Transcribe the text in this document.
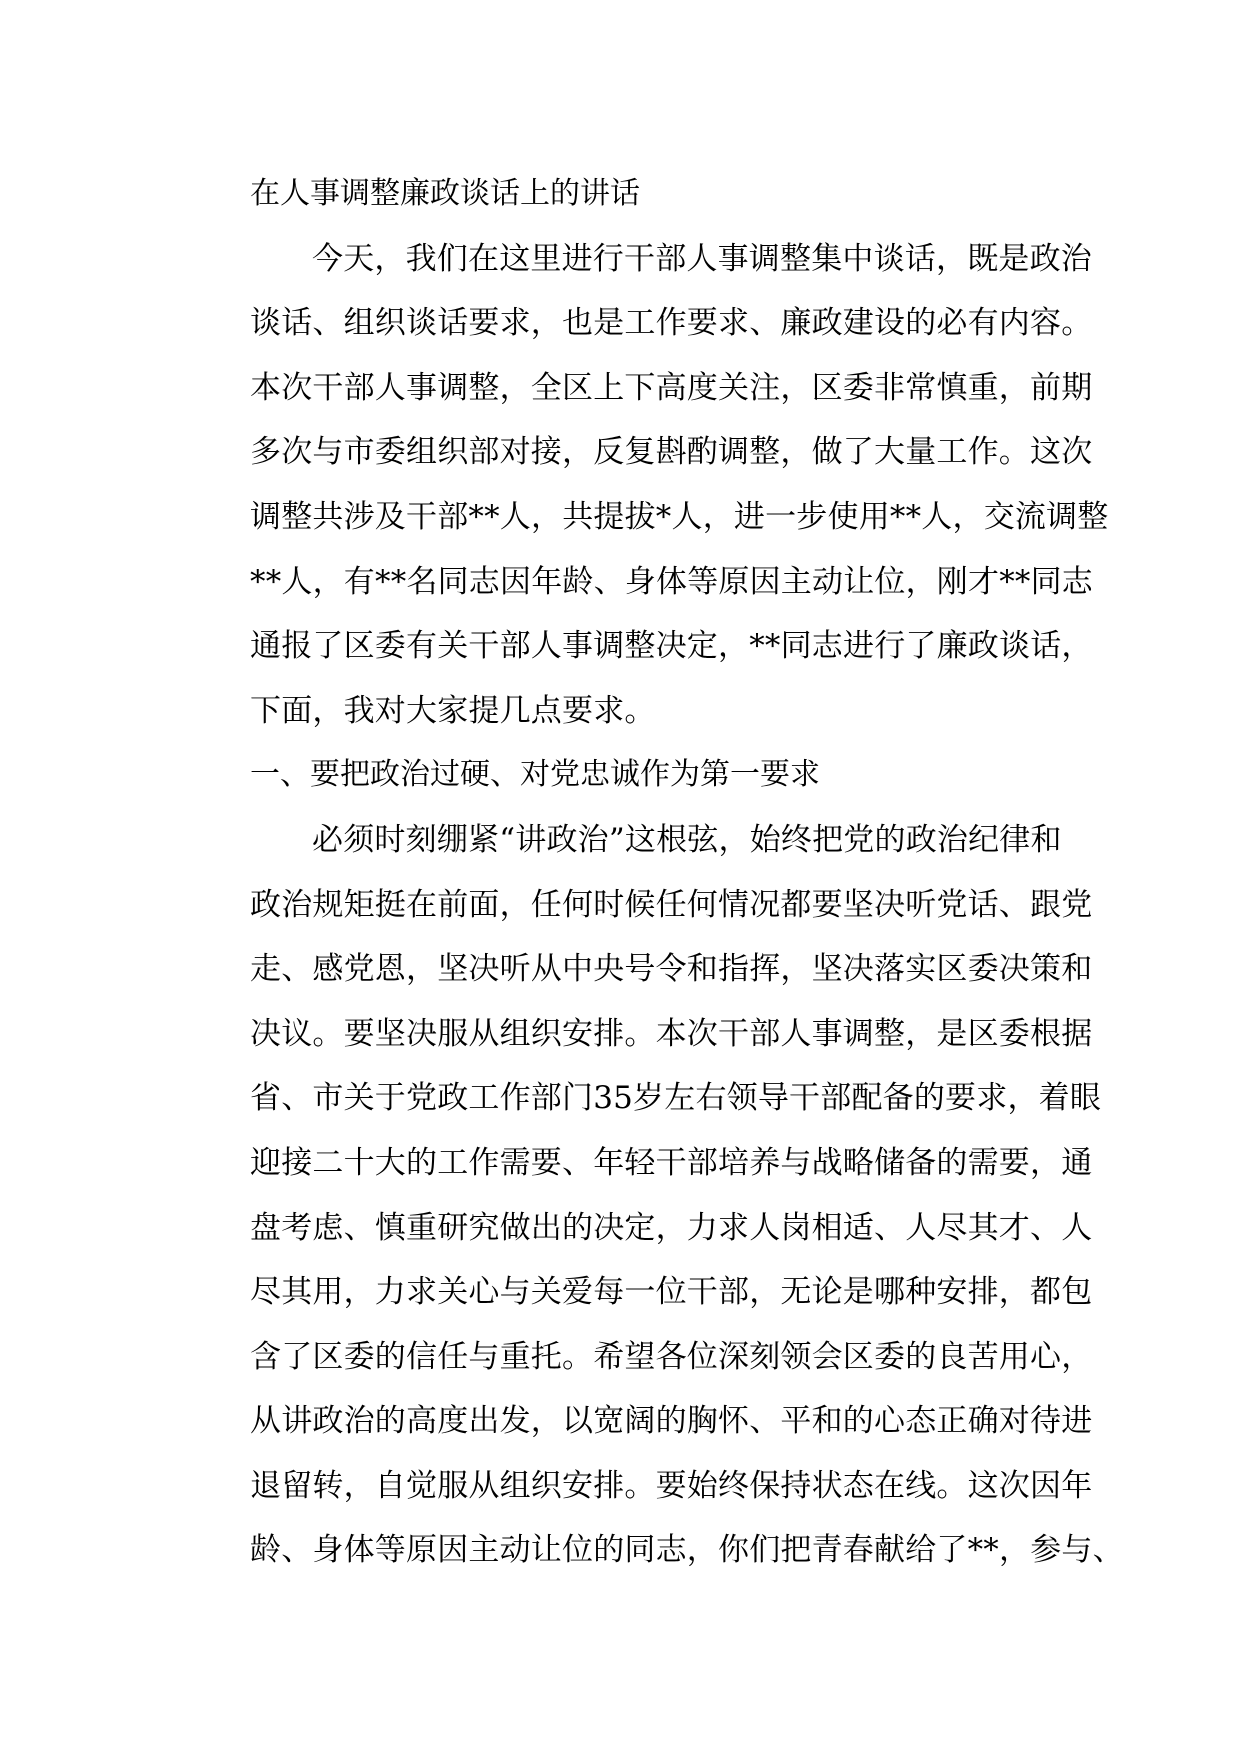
在人事调整廉政谈话上的讲话
今天，我们在这里进行干部人事调整集中谈话，既是政治
谈话、组织谈话要求，也是工作要求、廉政建设的必有内容。
本次干部人事调整，全区上下高度关注，区委非常慎重，前期
多次与市委组织部对接，反复斟酌调整，做了大量工作。这次
调整共涉及干部**人，共提拔*人，进一步使用**人，交流调整
**人，有**名同志因年龄、身体等原因主动让位，刚才**同志
通报了区委有关干部人事调整决定，**同志进行了廉政谈话，
下面，我对大家提几点要求。
一、要把政治过硬、对党忠诚作为第一要求
必须时刻绷紧“讲政治”这根弦，始终把党的政治纪律和
政治规矩挺在前面，任何时候任何情况都要坚决听党话、跟党
走、感党恩，坚决听从中央号令和指挥，坚决落实区委决策和
决议。要坚决服从组织安排。本次干部人事调整，是区委根据
省、市关于党政工作部门35岁左右领导干部配备的要求，着眼
迎接二十大的工作需要、年轻干部培养与战略储备的需要，通
盘考虑、慎重研究做出的决定，力求人岗相适、人尽其才、人
尽其用，力求关心与关爱每一位干部，无论是哪种安排，都包
含了区委的信任与重托。希望各位深刻领会区委的良苦用心，
从讲政治的高度出发，以宽阔的胸怀、平和的心态正确对待进
退留转，自觉服从组织安排。要始终保持状态在线。这次因年
龄、身体等原因主动让位的同志，你们把青春献给了**，参与、
